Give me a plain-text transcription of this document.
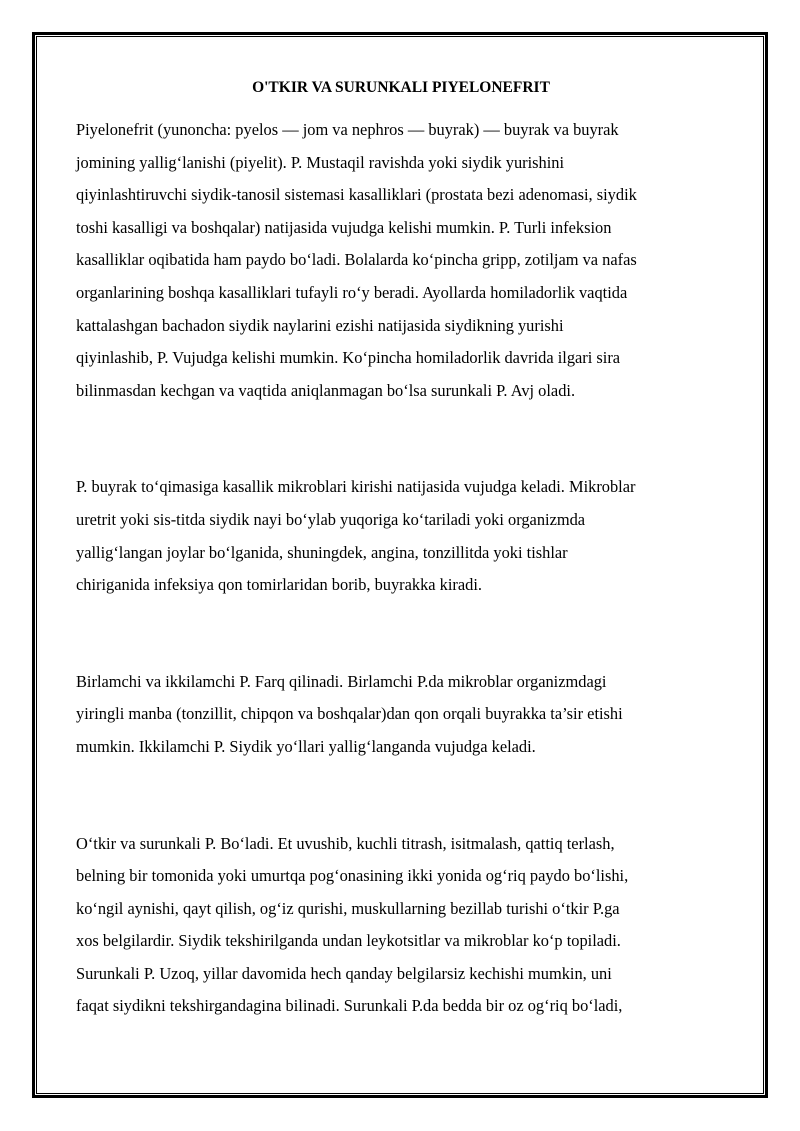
O'TKIR VA SURUNKALI PIYELONEFRIT

Piyelonefrit (yunoncha: pyelos — jom va nephros — buyrak) — buyrak va buyrak
jomining yallig‘lanishi (piyelit). P. Mustaqil ravishda yoki siydik yurishini
qiyinlashtiruvchi siydik-tanosil sistemasi kasalliklari (prostata bezi adenomasi, siydik
toshi kasalligi va boshqalar) natijasida vujudga kelishi mumkin. P. Turli infeksion
kasalliklar oqibatida ham paydo bo‘ladi. Bolalarda ko‘pincha gripp, zotiljam va nafas
organlarining boshqa kasalliklari tufayli ro‘y beradi. Ayollarda homiladorlik vaqtida
kattalashgan bachadon siydik naylarini ezishi natijasida siydikning yurishi
qiyinlashib, P. Vujudga kelishi mumkin. Ko‘pincha homiladorlik davrida ilgari sira
bilinmasdan kechgan va vaqtida aniqlanmagan bo‘lsa surunkali P. Avj oladi.

P. buyrak to‘qimasiga kasallik mikroblari kirishi natijasida vujudga keladi. Mikroblar
uretrit yoki sis-titda siydik nayi bo‘ylab yuqoriga ko‘tariladi yoki organizmda
yallig‘langan joylar bo‘lganida, shuningdek, angina, tonzillitda yoki tishlar
chiriganida infeksiya qon tomirlaridan borib, buyrakka kiradi.

Birlamchi va ikkilamchi P. Farq qilinadi. Birlamchi P.da mikroblar organizmdagi
yiringli manba (tonzillit, chipqon va boshqalar)dan qon orqali buyrakka ta’sir etishi
mumkin. Ikkilamchi P. Siydik yo‘llari yallig‘langanda vujudga keladi.

O‘tkir va surunkali P. Bo‘ladi. Et uvushib, kuchli titrash, isitmalash, qattiq terlash,
belning bir tomonida yoki umurtqa pog‘onasining ikki yonida og‘riq paydo bo‘lishi,
ko‘ngil aynishi, qayt qilish, og‘iz qurishi, muskullarning bezillab turishi o‘tkir P.ga
xos belgilardir. Siydik tekshirilganda undan leykotsitlar va mikroblar ko‘p topiladi.
Surunkali P. Uzoq, yillar davomida hech qanday belgilarsiz kechishi mumkin, uni
faqat siydikni tekshirgandagina bilinadi. Surunkali P.da bedda bir oz og‘riq bo‘ladi,
